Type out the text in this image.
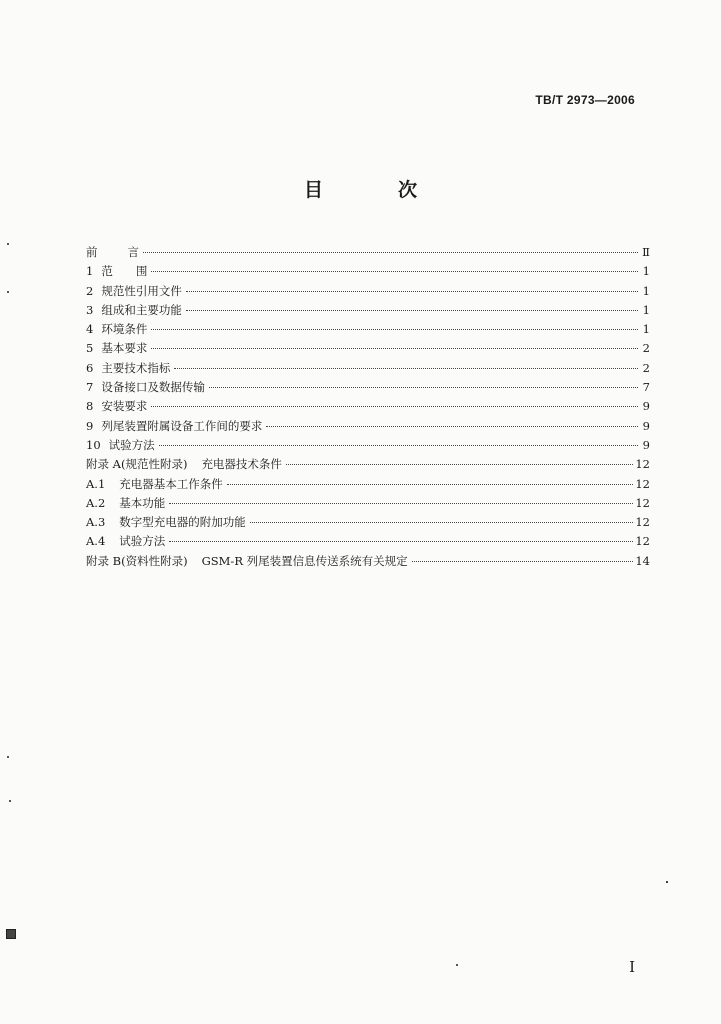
TB/T 2973—2006
目　次
前	言	Ⅱ
1 范　　围	1
2 规范性引用文件	1
3 组成和主要功能	1
4 环境条件	1
5 基本要求	2
6 主要技术指标	2
7 设备接口及数据传输	7
8 安装要求	9
9 列尾装置附属设备工作间的要求	9
10 试验方法	9
附录 A(规范性附录) 充电器技术条件	12
A.1 充电器基本工作条件	12
A.2 基本功能	12
A.3 数字型充电器的附加功能	12
A.4 试验方法	12
附录 B(资料性附录) GSM-R 列尾装置信息传送系统有关规定	14
I
